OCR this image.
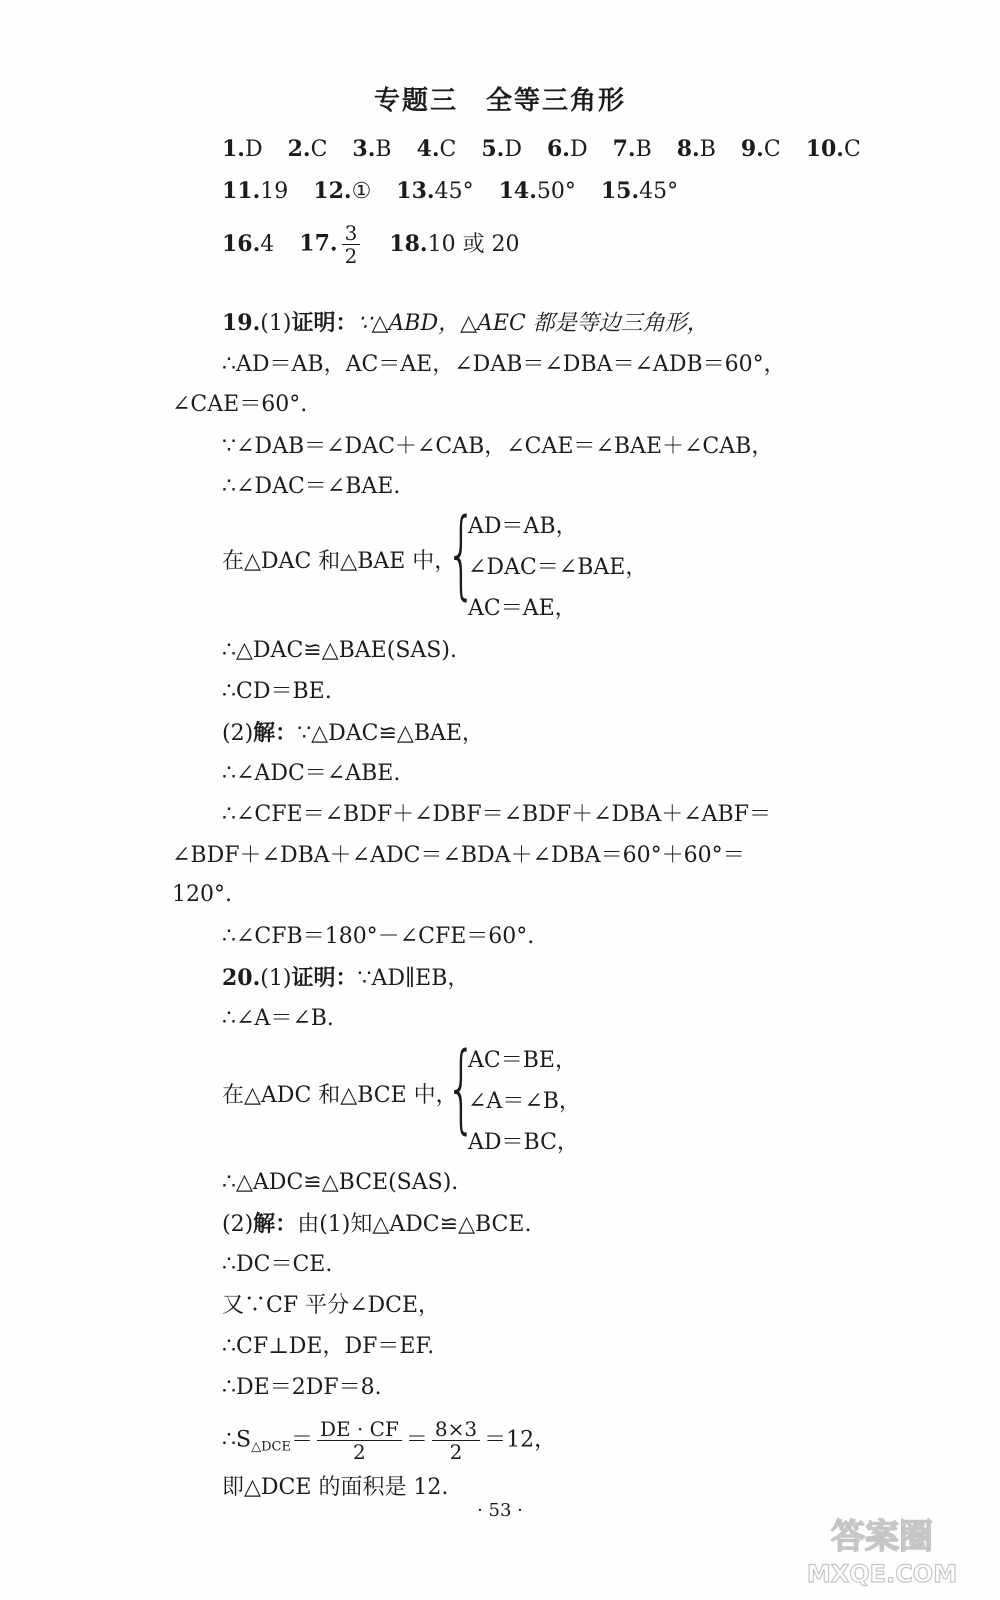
专题三　全等三角形
1.D 2.C 3.B 4.C 5.D 6.D 7.B 8.B 9.C 10.C
11.19 12.① 13.45° 14.50° 15.45°
16.4 17. $\frac{3}{2} 18.10$ 或 20
19.(1)证明：∵△ABD，△AEC 都是等边三角形，
∴AD＝AB，AC＝AE，∠DAB＝∠DBA＝∠ADB＝60°，
∠CAE＝60°.
∵∠DAB＝∠DAC＋∠CAB，∠CAE＝∠BAE＋∠CAB，
∴∠DAC＝∠BAE.
在△DAC 和△BAE 中，
{
AD＝AB，
∠DAC＝∠BAE，
AC＝AE，
∴△DAC≌△BAE(SAS).
∴CD＝BE.
(2)解：∵△DAC≌△BAE，
∴∠ADC＝∠ABE.
∴∠CFE＝∠BDF＋∠DBF＝∠BDF＋∠DBA＋∠ABF＝
∠BDF＋∠DBA＋∠ADC＝∠BDA＋∠DBA＝60°＋60°＝
120°.
∴∠CFB＝180°－∠CFE＝60°.
20.(1)证明：∵AD∥EB，
∴∠A＝∠B.
在△ADC 和△BCE 中，
{
AC＝BE，
∠A＝∠B，
AD＝BC，
∴△ADC≌△BCE(SAS).
(2)解：由(1)知△ADC≌△BCE.
∴DC＝CE.
又∵CF 平分∠DCE，
∴CF⊥DE，DF＝EF.
∴DE＝2DF＝8.
$\therefore S_{\triangle DCE}= \frac{DE \cdot CF}{2} = \frac{8\times 3}{2} =12$，
即△DCE 的面积是 12.
· 53 ·
答案圈
MXQE.COM
